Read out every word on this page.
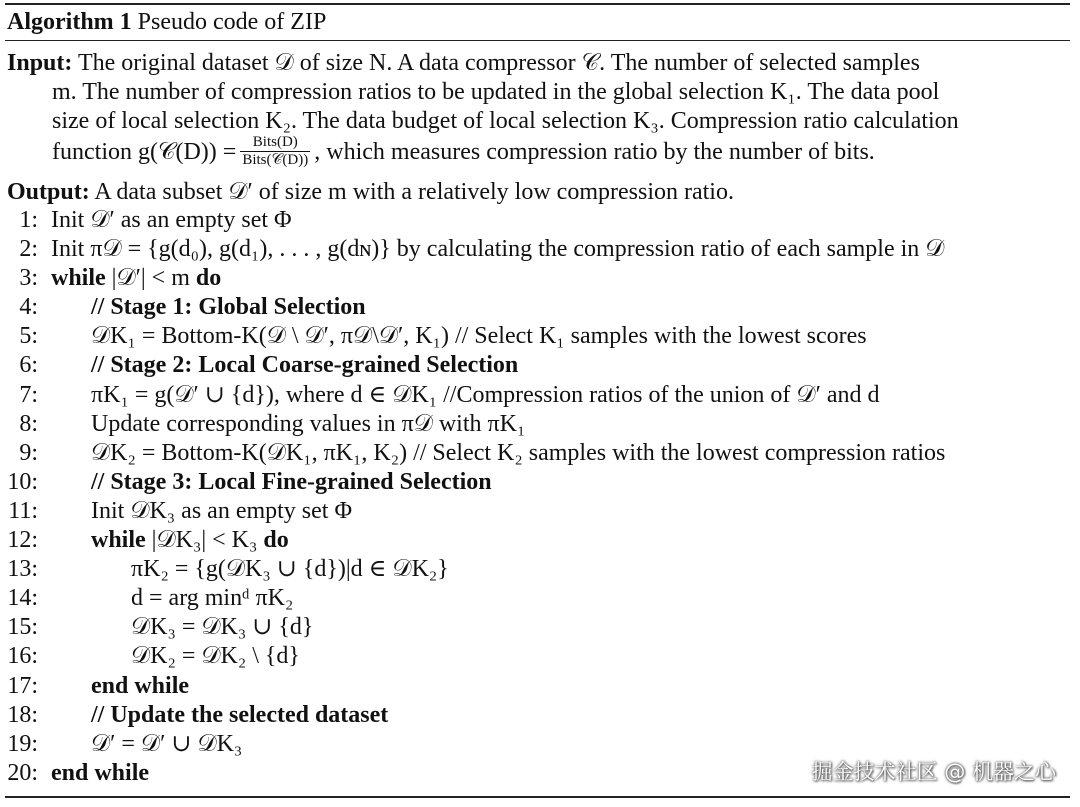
Algorithm 1 Pseudo code of ZIP
Input: The original dataset 𝒟 of size N. A data compressor 𝒞. The number of selected samples
m. The number of compression ratios to be updated in the global selection K₁. The data pool
size of local selection K₂. The data budget of local selection K₃. Compression ratio calculation
function g(𝒞(D)) = $\frac{\text{Bits(D)}}{\text{Bits(𝒞(D))}}$ , which measures compression ratio by the number of bits.
Output: A data subset 𝒟′ of size m with a relatively low compression ratio.
1: Init 𝒟′ as an empty set Φ
2: Init π𝒟 = {g(d₀), g(d₁), . . . , g(dɴ)} by calculating the compression ratio of each sample in 𝒟
3: while |𝒟′| < m do
4: // Stage 1: Global Selection
5: 𝒟K₁ = Bottom-K(𝒟 \ 𝒟′, π𝒟\𝒟′, K₁) // Select K₁ samples with the lowest scores
6: // Stage 2: Local Coarse-grained Selection
7: πK₁ = g(𝒟′ ∪ {d}), where d ∈ 𝒟K₁ //Compression ratios of the union of 𝒟′ and d
8: Update corresponding values in π𝒟 with πK₁
9: 𝒟K₂ = Bottom-K(𝒟K₁, πK₁, K₂) // Select K₂ samples with the lowest compression ratios
10: // Stage 3: Local Fine-grained Selection
11: Init 𝒟K₃ as an empty set Φ
12: while |𝒟K₃| < K₃ do
13:	πK₂ = {g(𝒟K₃ ∪ {d})|d ∈ 𝒟K₂}
14:	d = arg minᵈ πK₂
15:	𝒟K₃ = 𝒟K₃ ∪ {d}
16:	𝒟K₂ = 𝒟K₂ \ {d}
17: end while
18: // Update the selected dataset
19: 𝒟′ = 𝒟′ ∪ 𝒟K₃
20: end while	掘金技术社区 @ 机器之心
